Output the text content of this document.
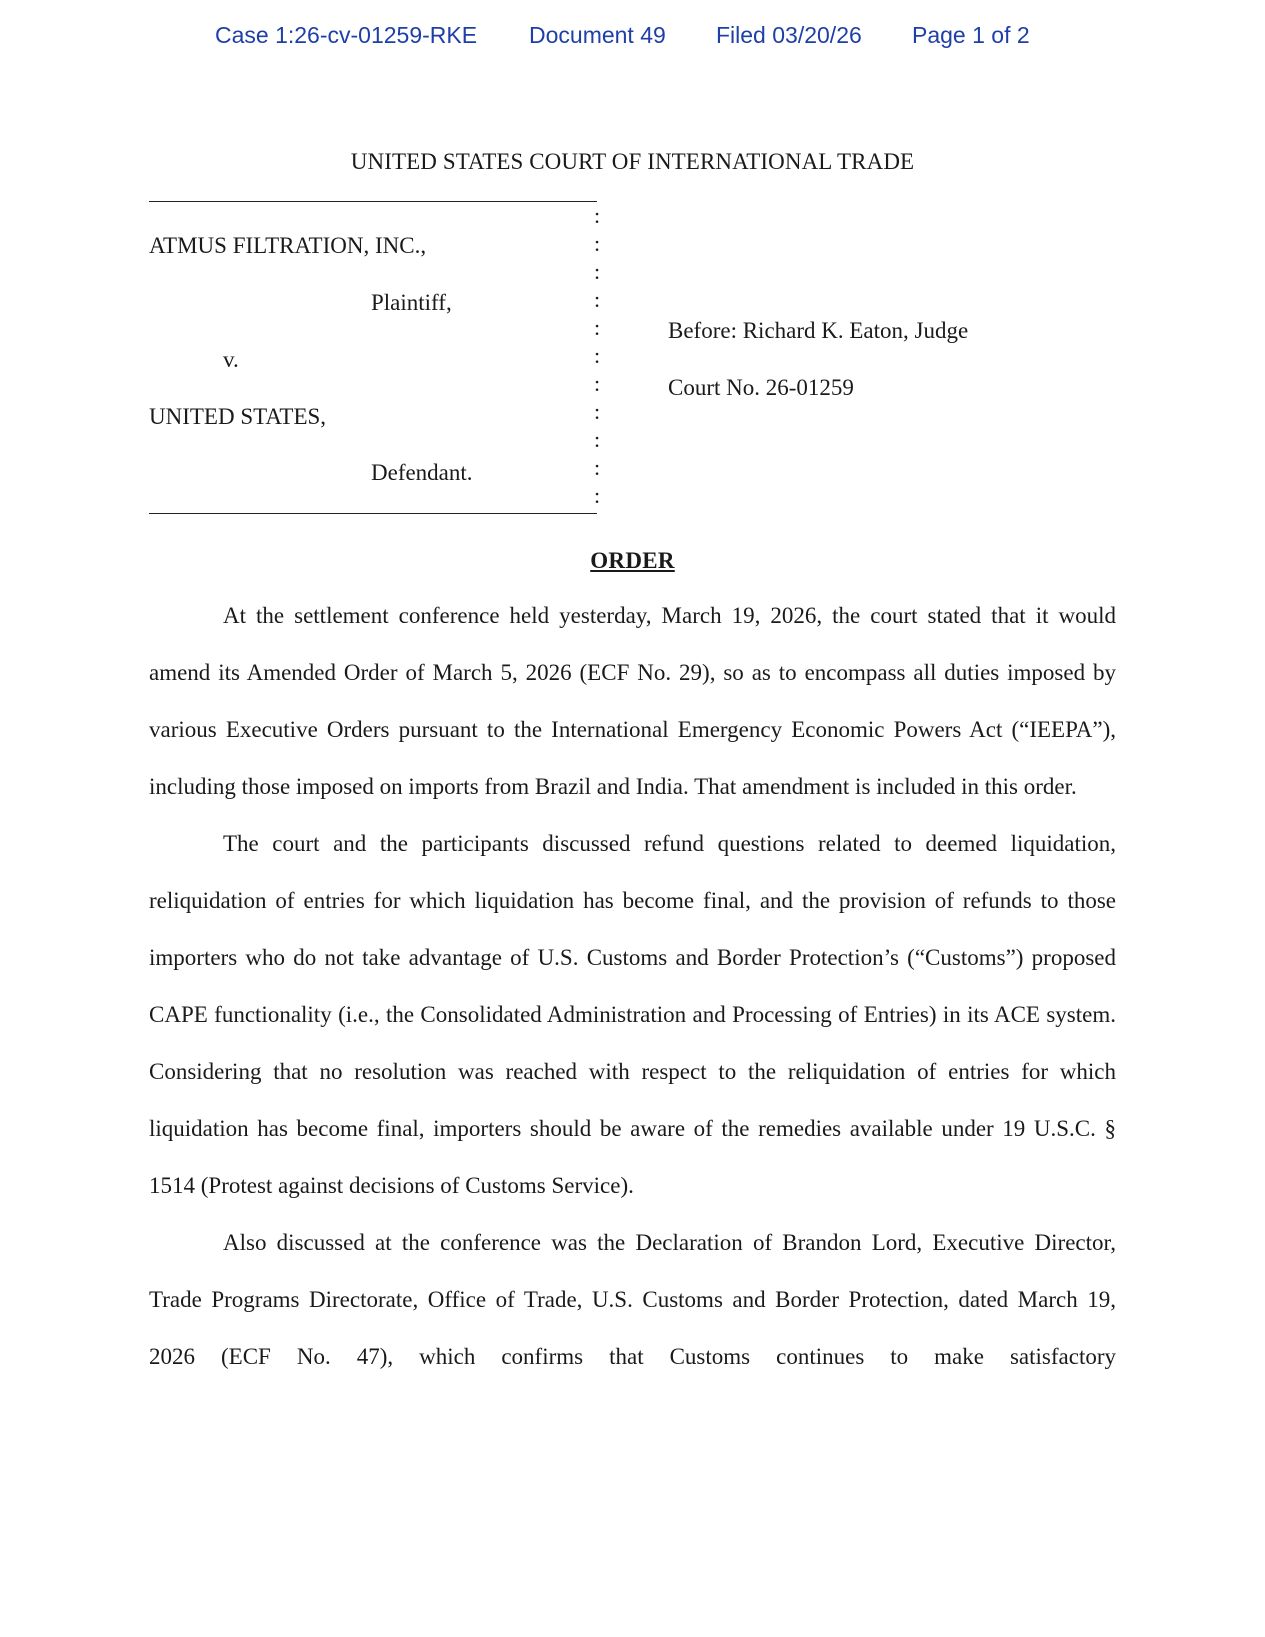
Case 1:26-cv-01259-RKE Document 49 Filed 03/20/26 Page 1 of 2
UNITED STATES COURT OF INTERNATIONAL TRADE
:
:
:
:
:
:
:
:
:
:
:
ATMUS FILTRATION, INC.,
Plaintiff,
v.
UNITED STATES,
Defendant.
Before: Richard K. Eaton, Judge
Court No. 26-01259
ORDER

At the settlement conference held yesterday, March 19, 2026, the court stated that it would amend its Amended Order of March 5, 2026 (ECF No. 29), so as to encompass all duties imposed by various Executive Orders pursuant to the International Emergency Economic Powers Act (“IEEPA”), including those imposed on imports from Brazil and India. That amendment is included in this order.

The court and the participants discussed refund questions related to deemed liquidation, reliquidation of entries for which liquidation has become final, and the provision of refunds to those importers who do not take advantage of U.S. Customs and Border Protection’s (“Customs”) proposed CAPE functionality (i.e., the Consolidated Administration and Processing of Entries) in its ACE system. Considering that no resolution was reached with respect to the reliquidation of entries for which liquidation has become final, importers should be aware of the remedies available under 19 U.S.C. § 1514 (Protest against decisions of Customs Service).

Also discussed at the conference was the Declaration of Brandon Lord, Executive Director, Trade Programs Directorate, Office of Trade, U.S. Customs and Border Protection, dated March 19, 2026 (ECF No. 47), which confirms that Customs continues to make satisfactory
